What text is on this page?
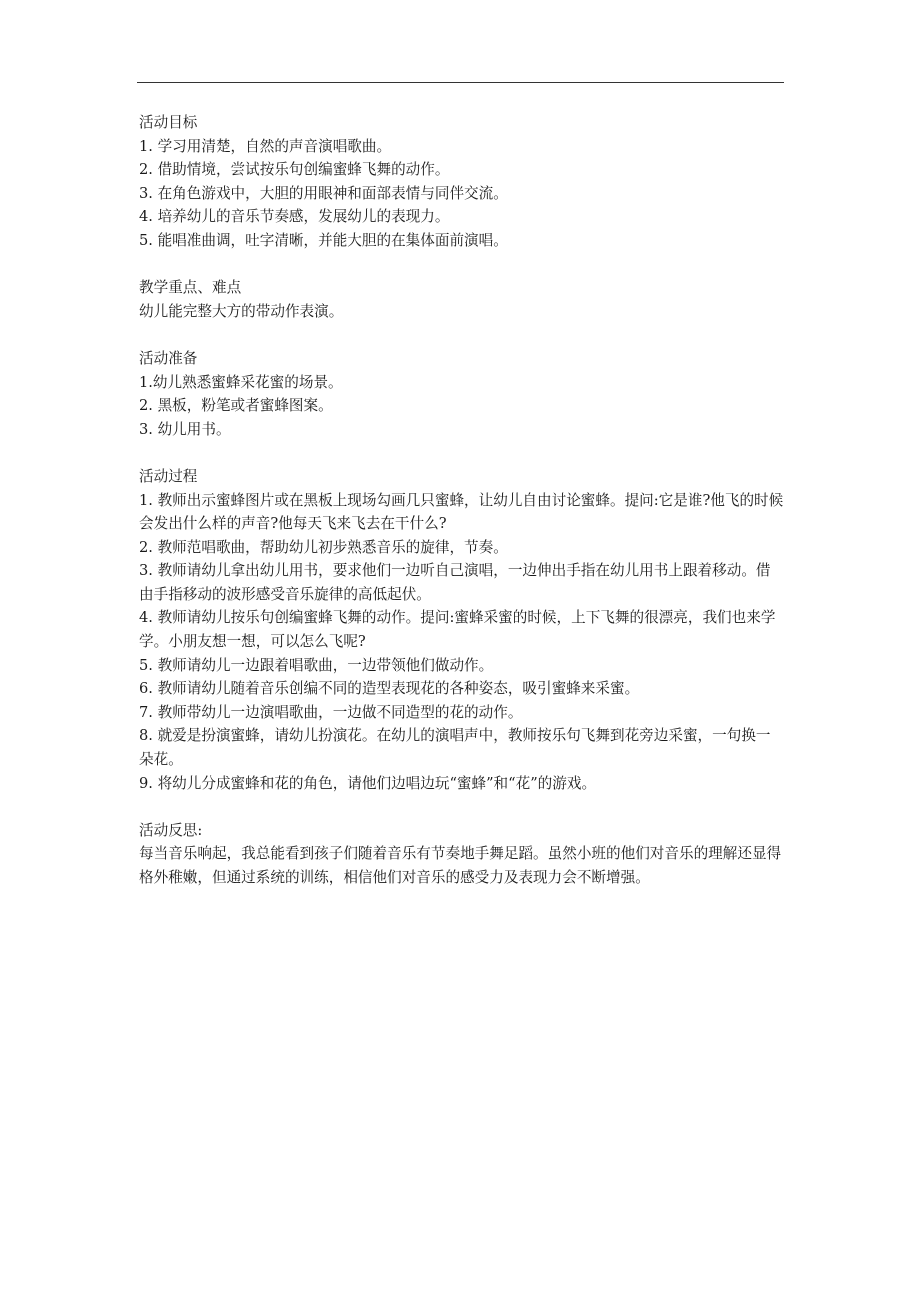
活动目标
1. 学习用清楚，自然的声音演唱歌曲。
2. 借助情境，尝试按乐句创编蜜蜂飞舞的动作。
3. 在角色游戏中，大胆的用眼神和面部表情与同伴交流。
4. 培养幼儿的音乐节奏感，发展幼儿的表现力。
5. 能唱准曲调，吐字清晰，并能大胆的在集体面前演唱。
教学重点、难点
幼儿能完整大方的带动作表演。
活动准备
1.幼儿熟悉蜜蜂采花蜜的场景。
2. 黑板，粉笔或者蜜蜂图案。
3. 幼儿用书。
活动过程
1. 教师出示蜜蜂图片或在黑板上现场勾画几只蜜蜂，让幼儿自由讨论蜜蜂。提问:它是谁?他飞的时候会发出什么样的声音?他每天飞来飞去在干什么?
2. 教师范唱歌曲，帮助幼儿初步熟悉音乐的旋律，节奏。
3. 教师请幼儿拿出幼儿用书，要求他们一边听自己演唱，一边伸出手指在幼儿用书上跟着移动。借由手指移动的波形感受音乐旋律的高低起伏。
4. 教师请幼儿按乐句创编蜜蜂飞舞的动作。提问:蜜蜂采蜜的时候，上下飞舞的很漂亮，我们也来学学。小朋友想一想，可以怎么飞呢?
5. 教师请幼儿一边跟着唱歌曲，一边带领他们做动作。
6. 教师请幼儿随着音乐创编不同的造型表现花的各种姿态，吸引蜜蜂来采蜜。
7. 教师带幼儿一边演唱歌曲，一边做不同造型的花的动作。
8. 就爱是扮演蜜蜂，请幼儿扮演花。在幼儿的演唱声中，教师按乐句飞舞到花旁边采蜜，一句换一朵花。
9. 将幼儿分成蜜蜂和花的角色，请他们边唱边玩“蜜蜂”和“花”的游戏。
活动反思:
每当音乐响起，我总能看到孩子们随着音乐有节奏地手舞足蹈。虽然小班的他们对音乐的理解还显得格外稚嫩，但通过系统的训练，相信他们对音乐的感受力及表现力会不断增强。
